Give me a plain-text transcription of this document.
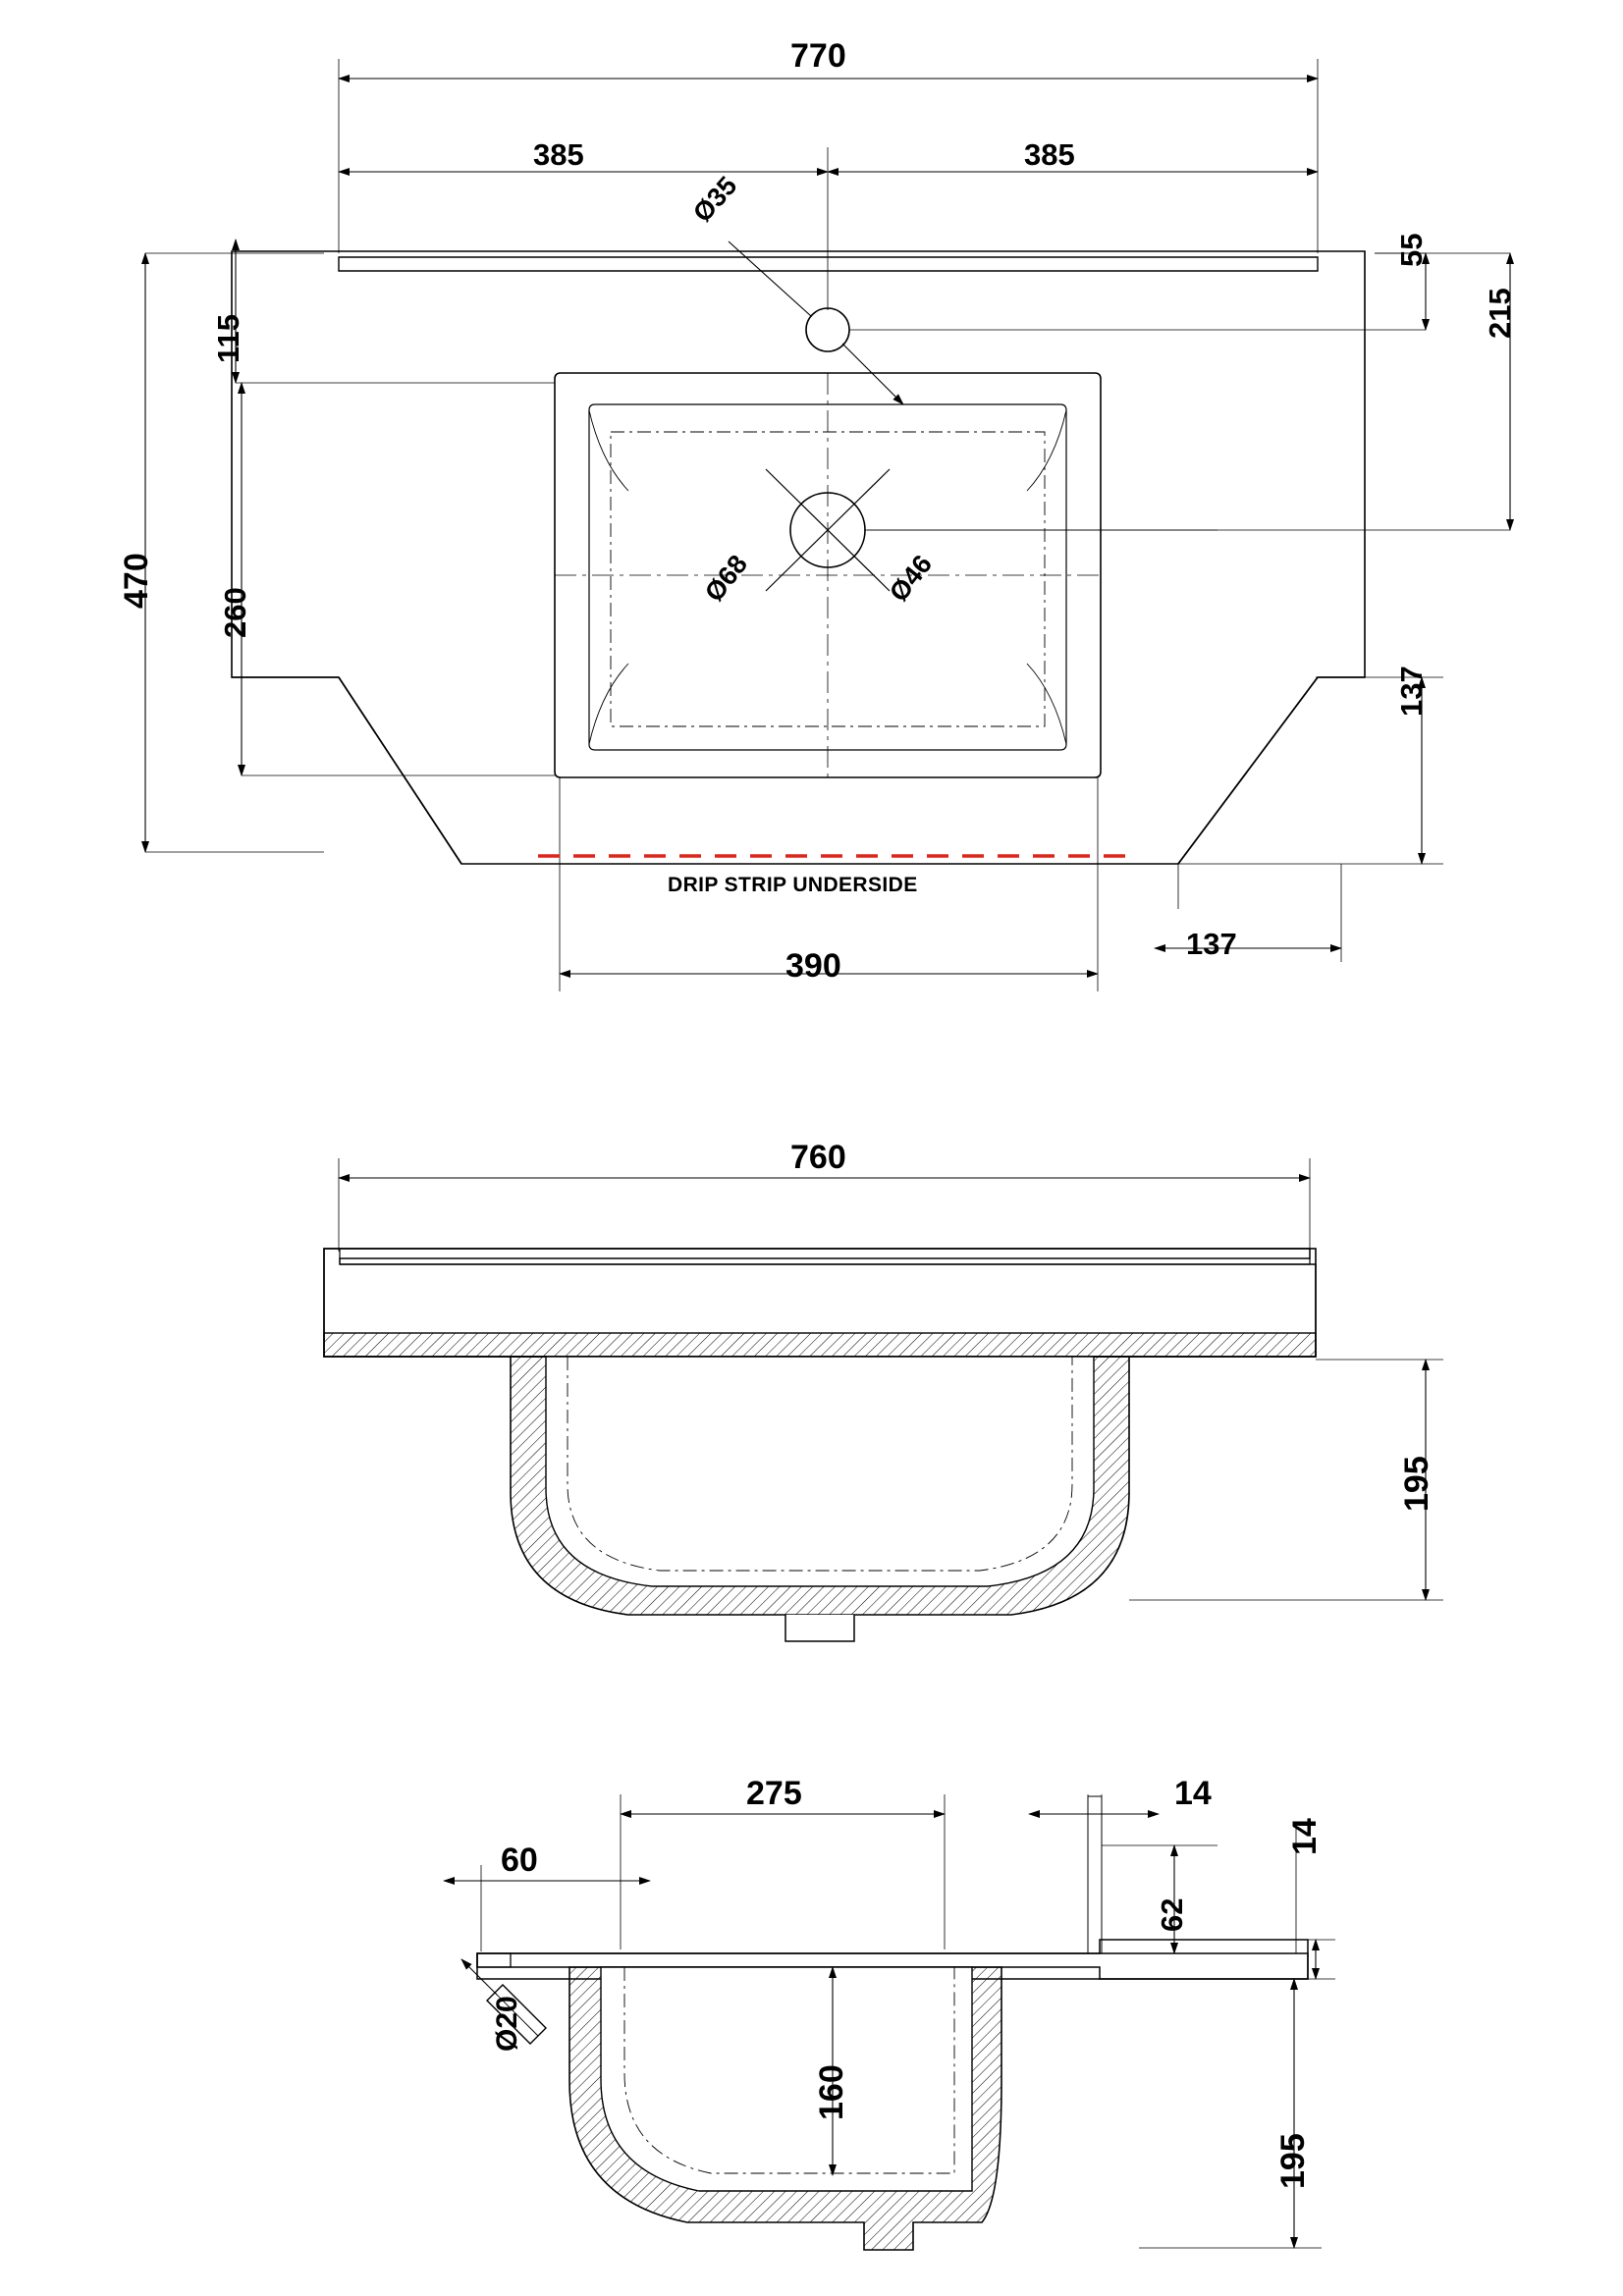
770
385	385
Ø35
55
215
115
470
260
Ø68	Ø46
137
137
390
DRIP STRIP UNDERSIDE
760
195
275
60
14
14
62
160
195
Ø20
